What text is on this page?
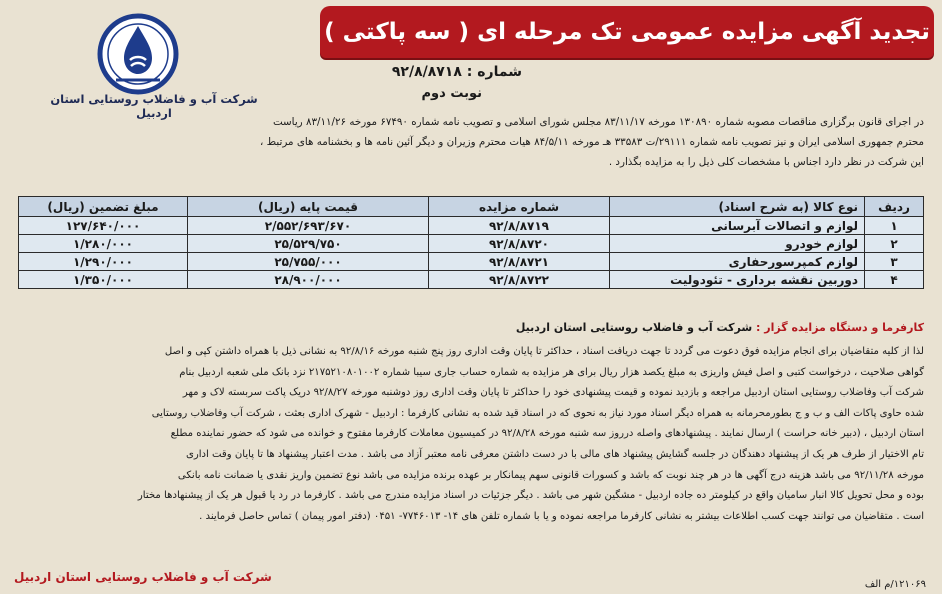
تجدید آگهی مزایده عمومی تک مرحله ای ( سه پاکتی )
شرکت آب و فاضلاب روستایی استان اردبیل
شماره : ۹۲/۸/۸۷۱۸
نوبت دوم

در اجرای قانون برگزاری مناقصات مصوبه شماره ۱۳۰۸۹۰ مورخه ۸۳/۱۱/۱۷ مجلس شورای اسلامی و تصویب نامه شماره ۶۷۴۹۰ مورخه ۸۳/۱۱/۲۶ ریاست

محترم جمهوری اسلامی ایران و نیز تصویب نامه شماره ۲۹۱۱۱/ت ۳۳۵۸۳ هـ مورخه ۸۴/۵/۱۱ هیات محترم وزیران و دیگر آئین نامه ها و بخشنامه های مرتبط ،

این شرکت در نظر دارد اجناس با مشخصات کلی ذیل را به مزایده بگذارد .

ردیف	نوع کالا (به شرح اسناد)	شماره مزایده	قیمت پایه (ریال)	مبلغ تضمین (ریال)
۱	لوازم و اتصالات آبرسانی	۹۲/۸/۸۷۱۹	۲/۵۵۲/۶۹۳/۶۷۰	۱۲۷/۶۴۰/۰۰۰
۲	لوازم خودرو	۹۲/۸/۸۷۲۰	۲۵/۵۲۹/۷۵۰	۱/۲۸۰/۰۰۰
۳	لوازم کمپرسورحفاری	۹۲/۸/۸۷۲۱	۲۵/۷۵۵/۰۰۰	۱/۲۹۰/۰۰۰
۴	دوربین نقشه برداری - تئودولیت	۹۲/۸/۸۷۲۲	۲۸/۹۰۰/۰۰۰	۱/۳۵۰/۰۰۰
کارفرما و دستگاه مزایده گزار : شرکت آب و فاضلاب روستایی استان اردبیل

لذا از کلیه متقاضیان برای انجام مزایده فوق دعوت می گردد تا جهت دریافت اسناد ، حداکثر تا پایان وقت اداری روز پنج شنبه مورخه ۹۲/۸/۱۶ به نشانی ذیل با همراه داشتن کپی و اصل

گواهی صلاحیت ، درخواست کتبی و اصل فیش واریزی به مبلغ یکصد هزار ریال برای هر مزایده به شماره حساب جاری سیبا شماره ۲۱۷۵۲۱۰۸۰۱۰۰۲ نزد بانک ملی شعبه اردبیل بنام

شرکت آب وفاضلاب روستایی استان اردبیل مراجعه و بازدید نموده و قیمت پیشنهادی خود را حداکثر تا پایان وقت اداری روز دوشنبه مورخه ۹۲/۸/۲۷ دریک پاکت سربسته لاک و مهر

شده حاوی پاکات الف و ب و ج بطورمحرمانه به همراه دیگر اسناد مورد نیاز به نحوی که در اسناد قید شده به نشانی کارفرما : اردبیل - شهرک اداری بعثت ، شرکت آب وفاضلاب روستایی

استان اردبیل ، (دبیر خانه حراست ) ارسال نمایند . پیشنهادهای واصله درروز سه شنبه مورخه ۹۲/۸/۲۸ در کمیسیون معاملات کارفرما مفتوح و خوانده می شود که حضور نماینده مطلع

تام الاختیار از طرف هر یک از پیشنهاد دهندگان در جلسه گشایش پیشنهاد های مالی با در دست داشتن معرفی نامه معتبر آزاد می باشد . مدت اعتبار پیشنهاد ها تا پایان وقت اداری

مورخه ۹۲/۱۱/۲۸ می باشد هزینه درج آگهی ها در هر چند نوبت که باشد و کسورات قانونی سهم پیمانکار بر عهده برنده مزایده می باشد نوع تضمین واریز نقدی یا ضمانت نامه بانکی

بوده و محل تحویل کالا انبار سامیان واقع در کیلومتر ده جاده اردبیل - مشگین شهر می باشد . دیگر جزئیات در اسناد مزایده مندرج می باشد . کارفرما در رد یا قبول هر یک از پیشنهادها مختار

است . متقاضیان می توانند جهت کسب اطلاعات بیشتر به نشانی کارفرما مراجعه نموده و یا با شماره تلفن های ۱۴- ۷۷۴۶۰۱۳- ۰۴۵۱ (دفتر امور پیمان ) تماس حاصل فرمایند .

شرکت آب و فاضلاب روستایی استان اردبیل
۱۲۱۰۶۹/م الف
